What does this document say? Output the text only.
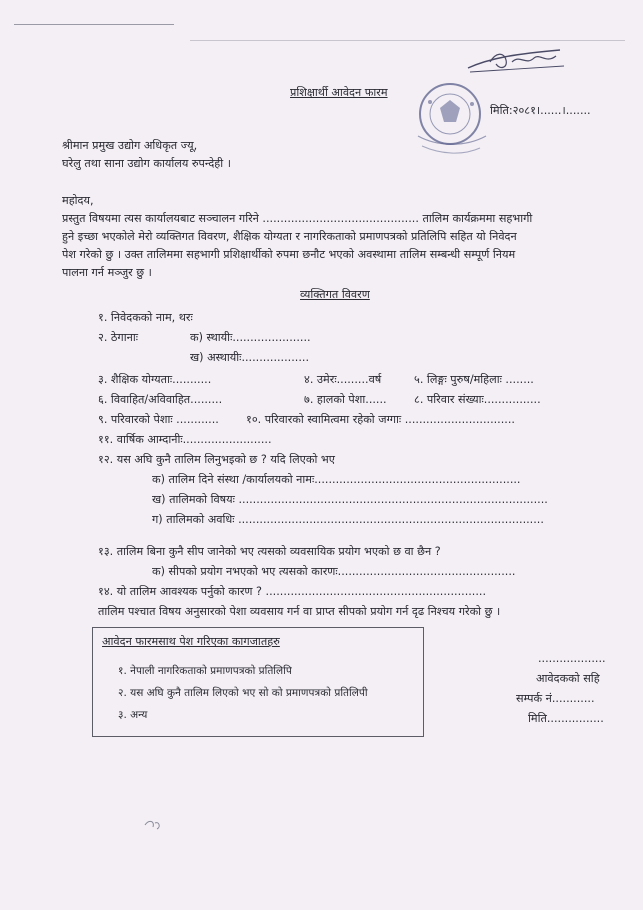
प्रशिक्षार्थी आवेदन फारम
मिति:२०८१।......।.......
श्रीमान प्रमुख उद्योग अधिकृत ज्यू,
घरेलु तथा साना उद्योग कार्यालय रुपन्देही ।
महोदय,
प्रस्तुत विषयमा त्यस कार्यालयबाट सञ्चालन गरिने ............................................ तालिम कार्यक्रममा सहभागी
हुने इच्छा भएकोले मेरो व्यक्तिगत विवरण, शैक्षिक योग्यता र नागरिकताको प्रमाणपत्रको प्रतिलिपि सहित यो निवेदन
पेश गरेको छु । उक्त तालिममा सहभागी प्रशिक्षार्थीको रुपमा छनौट भएको अवस्थामा तालिम सम्बन्धी सम्पूर्ण नियम
पालना गर्न मञ्जुर छु ।
व्यक्तिगत विवरण
१. निवेदकको नाम, थरः
२. ठेगानाः	क) स्थायीः......................
ख) अस्थायीः...................
३. शैक्षिक योग्यताः...........	४. उमेरः.........वर्ष	५. लिङ्गः पुरुष/महिलाः ........
६. विवाहित/अविवाहित.........	७. हालको पेशा...... ८. परिवार संख्याः................
९. परिवारको पेशाः ............ १०. परिवारको स्वामित्वमा रहेको जग्गाः ...............................
११. वार्षिक आम्दानीः.........................
१२. यस अघि कुनै तालिम लिनुभइको छ ? यदि लिएको भए
क) तालिम दिने संस्था /कार्यालयको नामः..........................................................
ख) तालिमको विषयः .......................................................................................
ग) तालिमको अवधिः ......................................................................................
१३. तालिम बिना कुनै सीप जानेको भए त्यसको व्यवसायिक प्रयोग भएको छ वा छैन ?
क) सीपको प्रयोग नभएको भए त्यसको कारणः..................................................
१४. यो तालिम आवश्यक पर्नुको कारण ? ..............................................................
तालिम पश्चात विषय अनुसारको पेशा व्यवसाय गर्न वा प्राप्त सीपको प्रयोग गर्न दृढ निश्चय गरेको छु ।
आवेदन फारमसाथ पेश गरिएका कागजातहरु
१. नेपाली नागरिकताको प्रमाणपत्रको प्रतिलिपि
२. यस अघि कुनै तालिम लिएको भए सो को प्रमाणपत्रको प्रतिलिपी
३. अन्य
...................
आवेदकको सहि
सम्पर्क नं............
मिति................
